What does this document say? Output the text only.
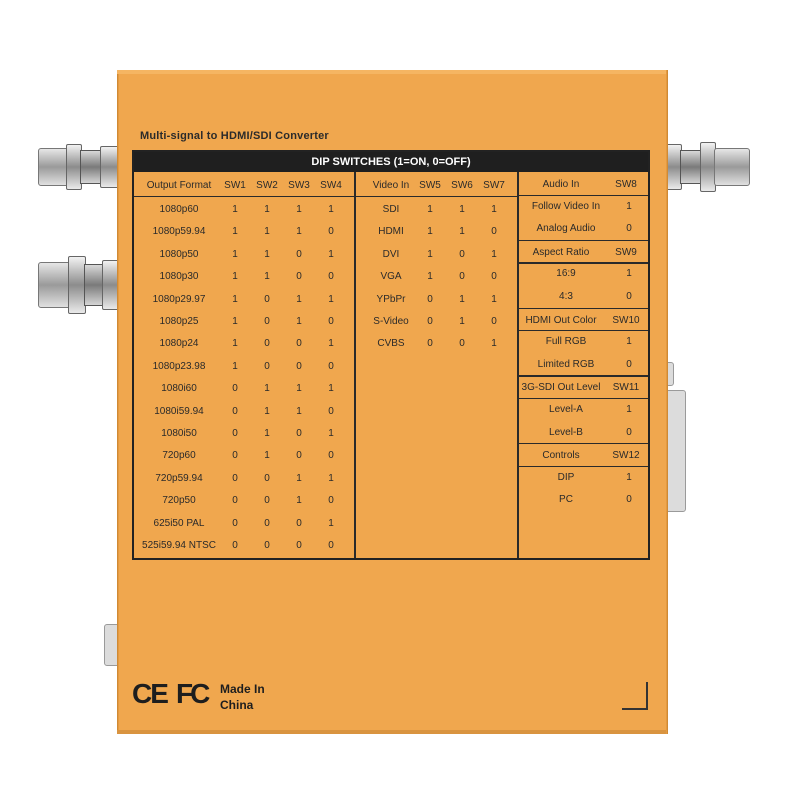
Multi-signal to HDMI/SDI Converter
DIP SWITCHES (1=ON, 0=OFF)
Output Format	SW1	SW2	SW3	SW4
1080p60	1	1	1	1
1080p59.94	1	1	1	0
1080p50	1	1	0	1
1080p30	1	1	0	0
1080p29.97	1	0	1	1
1080p25	1	0	1	0
1080p24	1	0	0	1
1080p23.98	1	0	0	0
1080i60	0	1	1	1
1080i59.94	0	1	1	0
1080i50	0	1	0	1
720p60	0	1	0	0
720p59.94	0	0	1	1
720p50	0	0	1	0
625i50 PAL	0	0	0	1
525i59.94 NTSC	0	0	0	0
Video In SW5	SW6	SW7
SDI	1	1	1
HDMI	1	1	0
DVI	1	0	1
VGA	1	0	0
YPbPr	0	1	1
S-Video	0	1	0
CVBS	0	0	1
Audio In	SW8
Follow Video In	1
Analog Audio	0
Aspect Ratio	SW9
16:9	1
4:3	0
HDMI Out Color	SW10
Full RGB	1
Limited RGB	0
3G-SDI Out Level	SW11
Level-A	1
Level-B	0
Controls	SW12
DIP	1
PC	0
CE FC Made In
China
